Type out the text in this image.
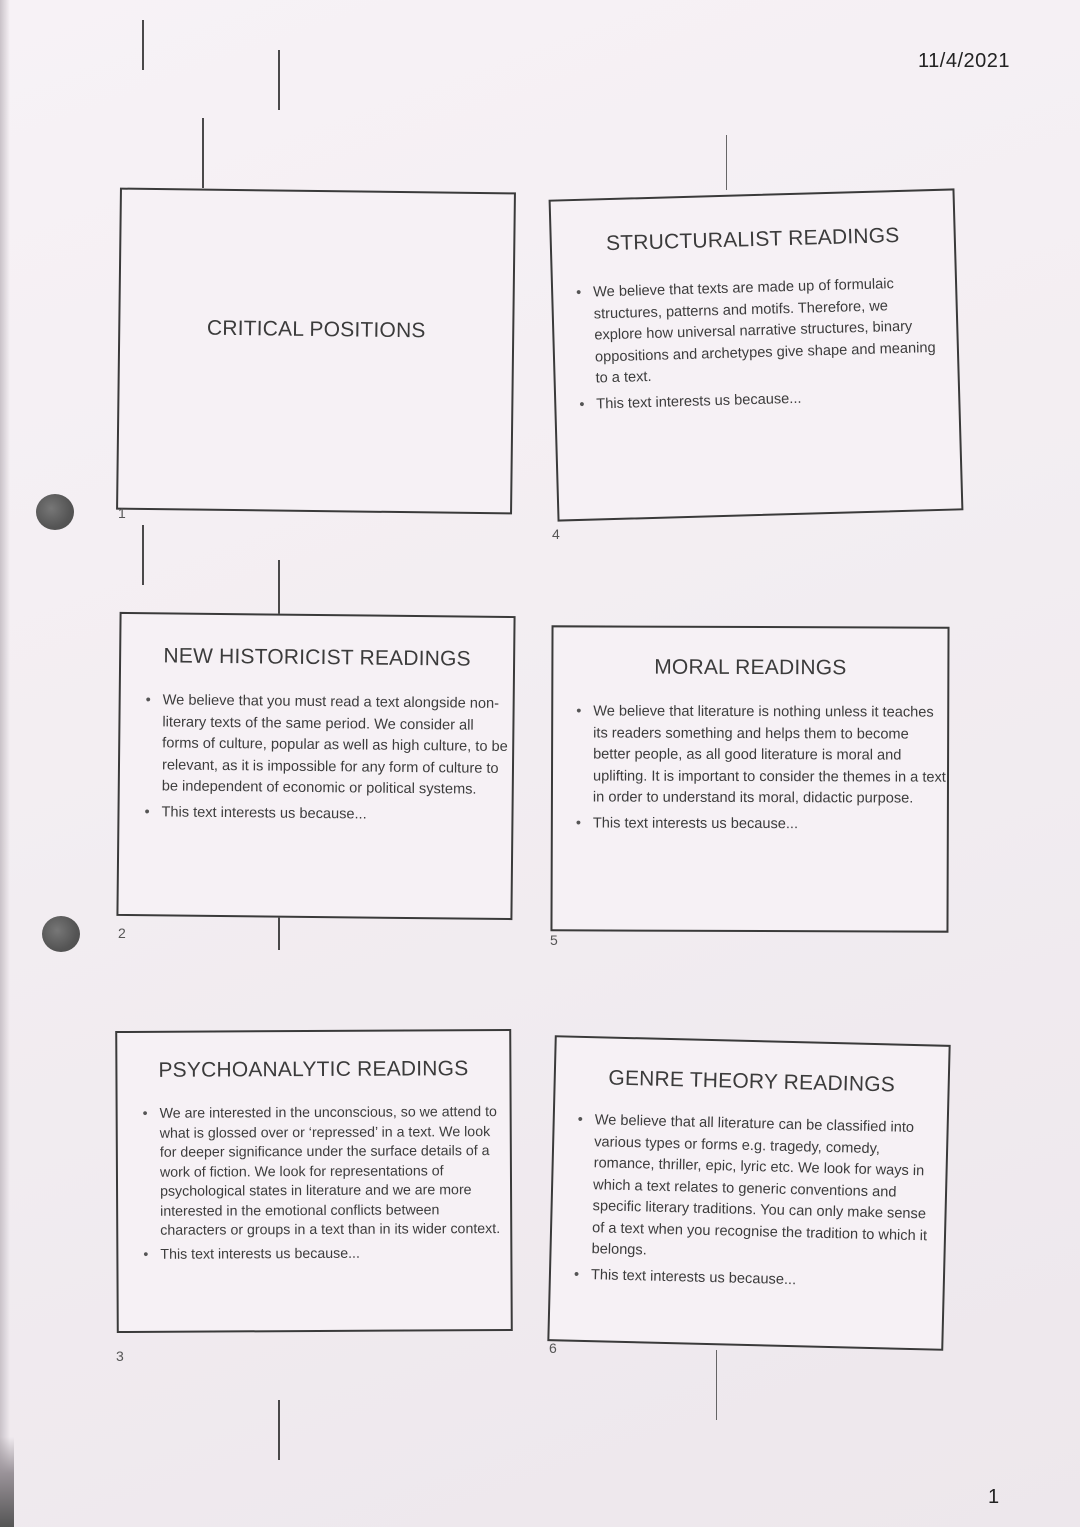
11/4/2021
1
CRITICAL POSITIONS
1
STRUCTURALIST READINGS
• We believe that texts are made up of formulaic structures, patterns and motifs. Therefore, we explore how universal narrative structures, binary oppositions and archetypes give shape and meaning to a text.
• This text interests us because...
4
NEW HISTORICIST READINGS
• We believe that you must read a text alongside non-literary texts of the same period. We consider all forms of culture, popular as well as high culture, to be relevant, as it is impossible for any form of culture to be independent of economic or political systems.
• This text interests us because...
2
MORAL READINGS
• We believe that literature is nothing unless it teaches its readers something and helps them to become better people, as all good literature is moral and uplifting. It is important to consider the themes in a text in order to understand its moral, didactic purpose.
• This text interests us because...
5
PSYCHOANALYTIC READINGS
• We are interested in the unconscious, so we attend to what is glossed over or ‘repressed’ in a text. We look for deeper significance under the surface details of a work of fiction. We look for representations of psychological states in literature and we are more interested in the emotional conflicts between characters or groups in a text than in its wider context.
• This text interests us because...
3
GENRE THEORY READINGS
• We believe that all literature can be classified into various types or forms e.g. tragedy, comedy, romance, thriller, epic, lyric etc. We look for ways in which a text relates to generic conventions and specific literary traditions. You can only make sense of a text when you recognise the tradition to which it belongs.
• This text interests us because...
6
